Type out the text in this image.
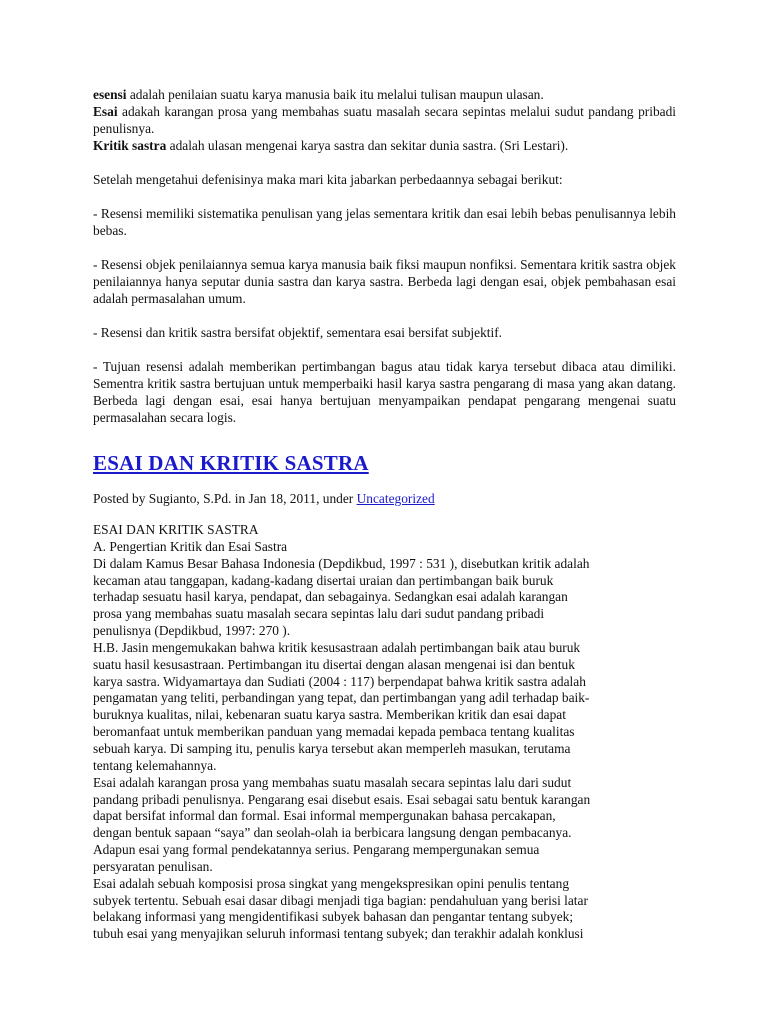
esensi adalah penilaian suatu karya manusia baik itu melalui tulisan maupun ulasan.

Esai adakah karangan prosa yang membahas suatu masalah secara sepintas melalui sudut pandang pribadi penulisnya.

Kritik sastra adalah ulasan mengenai karya sastra dan sekitar dunia sastra. (Sri Lestari).

Setelah mengetahui defenisinya maka mari kita jabarkan perbedaannya sebagai berikut:

- Resensi memiliki sistematika penulisan yang jelas sementara kritik dan esai lebih bebas penulisannya lebih bebas.

- Resensi objek penilaiannya semua karya manusia baik fiksi maupun nonfiksi. Sementara kritik sastra objek penilaiannya hanya seputar dunia sastra dan karya sastra. Berbeda lagi dengan esai, objek pembahasan esai adalah permasalahan umum.

- Resensi dan kritik sastra bersifat objektif, sementara esai bersifat subjektif.

- Tujuan resensi adalah memberikan pertimbangan bagus atau tidak karya tersebut dibaca atau dimiliki. Sementra kritik sastra bertujuan untuk memperbaiki hasil karya sastra pengarang di masa yang akan datang. Berbeda lagi dengan esai, esai hanya bertujuan menyampaikan pendapat pengarang mengenai suatu permasalahan secara logis.

ESAI DAN KRITIK SASTRA

Posted by Sugianto, S.Pd. in Jan 18, 2011, under Uncategorized

ESAI DAN KRITIK SASTRA
A. Pengertian Kritik dan Esai Sastra
Di dalam Kamus Besar Bahasa Indonesia (Depdikbud, 1997 : 531 ), disebutkan kritik adalah
kecaman atau tanggapan, kadang-kadang disertai uraian dan pertimbangan baik buruk
terhadap sesuatu hasil karya, pendapat, dan sebagainya. Sedangkan esai adalah karangan
prosa yang membahas suatu masalah secara sepintas lalu dari sudut pandang pribadi
penulisnya (Depdikbud, 1997: 270 ).
H.B. Jasin mengemukakan bahwa kritik kesusastraan adalah pertimbangan baik atau buruk
suatu hasil kesusastraan. Pertimbangan itu disertai dengan alasan mengenai isi dan bentuk
karya sastra. Widyamartaya dan Sudiati (2004 : 117) berpendapat bahwa kritik sastra adalah
pengamatan yang teliti, perbandingan yang tepat, dan pertimbangan yang adil terhadap baik-
buruknya kualitas, nilai, kebenaran suatu karya sastra. Memberikan kritik dan esai dapat
beromanfaat untuk memberikan panduan yang memadai kepada pembaca tentang kualitas
sebuah karya. Di samping itu, penulis karya tersebut akan memperleh masukan, terutama
tentang kelemahannya.
Esai adalah karangan prosa yang membahas suatu masalah secara sepintas lalu dari sudut
pandang pribadi penulisnya. Pengarang esai disebut esais. Esai sebagai satu bentuk karangan
dapat bersifat informal dan formal. Esai informal mempergunakan bahasa percakapan,
dengan bentuk sapaan “saya” dan seolah-olah ia berbicara langsung dengan pembacanya.
Adapun esai yang formal pendekatannya serius. Pengarang mempergunakan semua
persyaratan penulisan.
Esai adalah sebuah komposisi prosa singkat yang mengekspresikan opini penulis tentang
subyek tertentu. Sebuah esai dasar dibagi menjadi tiga bagian: pendahuluan yang berisi latar
belakang informasi yang mengidentifikasi subyek bahasan dan pengantar tentang subyek;
tubuh esai yang menyajikan seluruh informasi tentang subyek; dan terakhir adalah konklusi
